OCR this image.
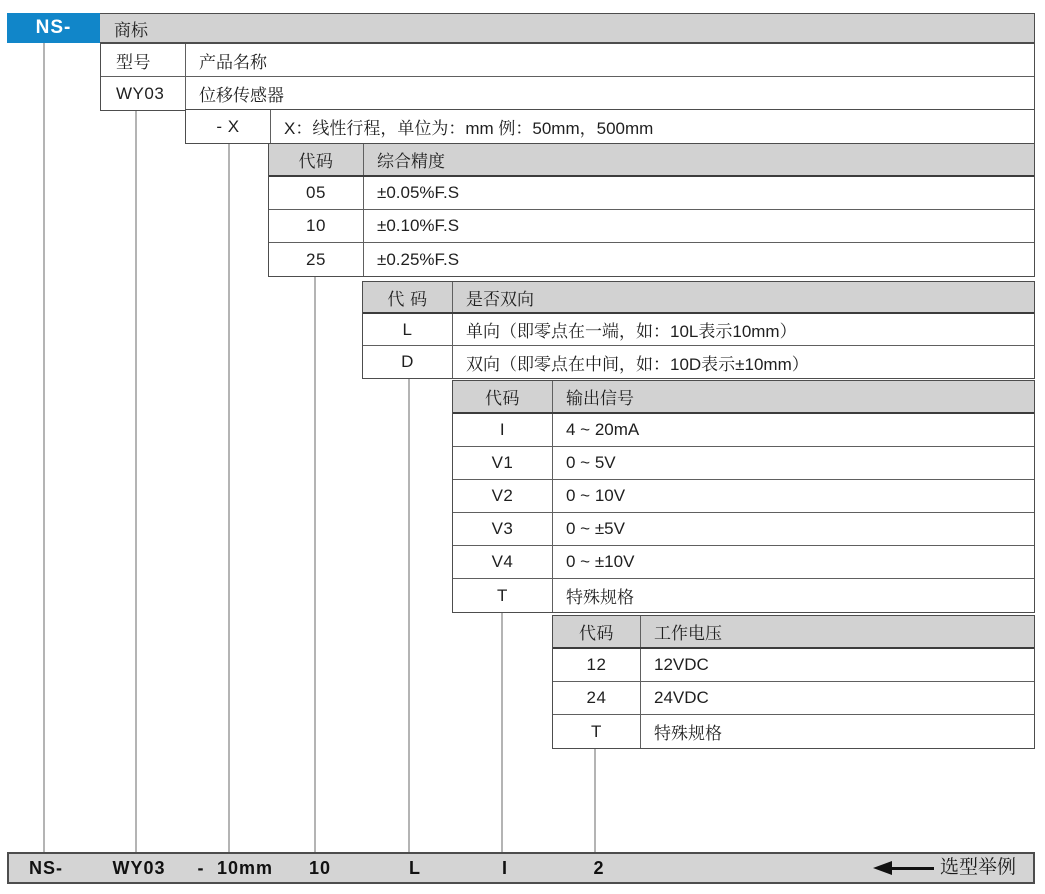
商标
NS-
型号	产品名称
WY03	位移传感器
- X	X：线性行程，单位为：mm 例：50mm，500mm
代码	综合精度
05	±0.05%F.S
10	±0.10%F.S
25	±0.25%F.S
代 码	是否双向
L	单向（即零点在一端，如：10L表示10mm）
D	双向（即零点在中间，如：10D表示±10mm）
代码	输出信号
I	4 ~ 20mA
V1	0 ~ 5V
V2	0 ~ 10V
V3	0 ~ ±5V
V4	0 ~ ±10V
T	特殊规格
代码	工作电压
12	12VDC
24	24VDC
T	特殊规格
NS-	WY03 - 10mm 10	L	I	2	选型举例
